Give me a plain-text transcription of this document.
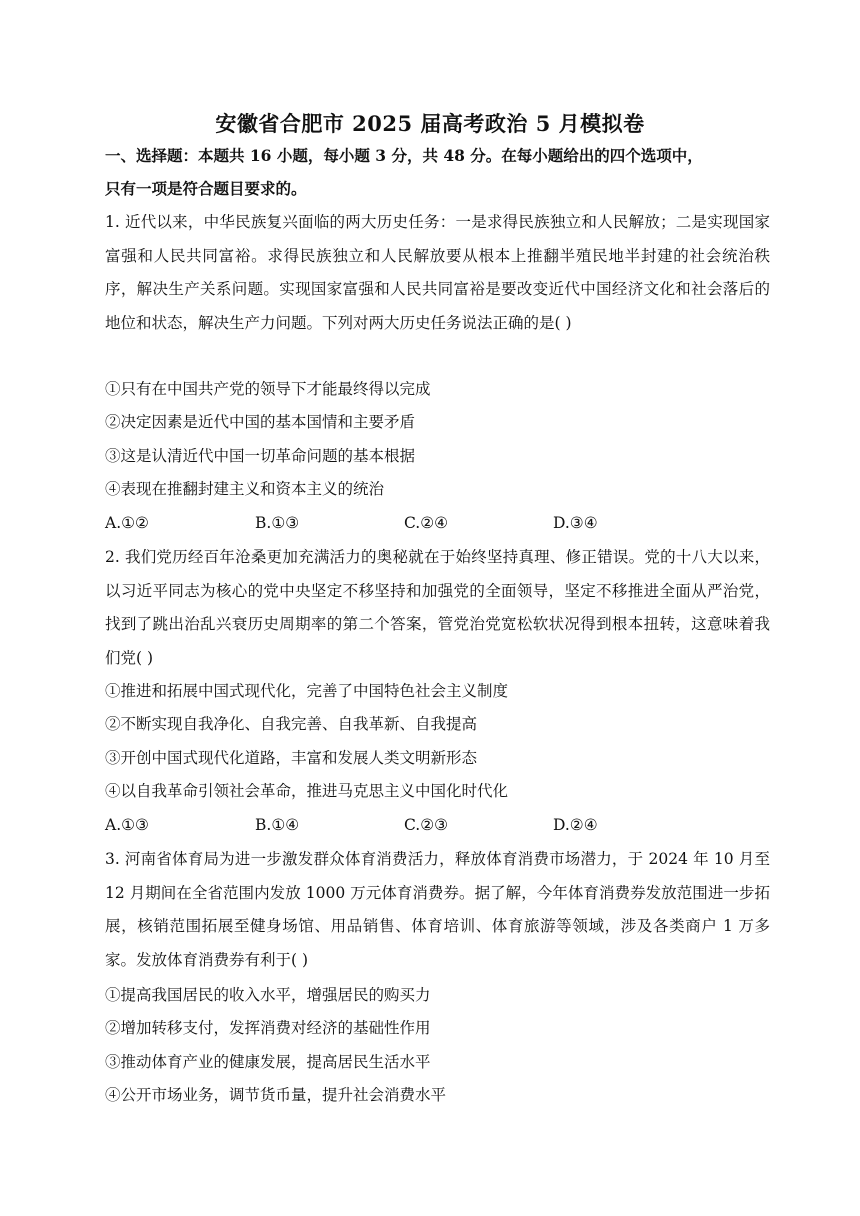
安徽省合肥市 2025 届高考政治 5 月模拟卷
一、选择题：本题共 16 小题，每小题 3 分，共 48 分。在每小题给出的四个选项中，
只有一项是符合题目要求的。
1. 近代以来，中华民族复兴面临的两大历史任务：一是求得民族独立和人民解放；二是实现国家富强和人民共同富裕。求得民族独立和人民解放要从根本上推翻半殖民地半封建的社会统治秩序，解决生产关系问题。实现国家富强和人民共同富裕是要改变近代中国经济文化和社会落后的地位和状态，解决生产力问题。下列对两大历史任务说法正确的是( )
①只有在中国共产党的领导下才能最终得以完成
②决定因素是近代中国的基本国情和主要矛盾
③这是认清近代中国一切革命问题的基本根据
④表现在推翻封建主义和资本主义的统治
A.①②	B.①③	C.②④	D.③④
2. 我们党历经百年沧桑更加充满活力的奥秘就在于始终坚持真理、修正错误。党的十八大以来，以习近平同志为核心的党中央坚定不移坚持和加强党的全面领导，坚定不移推进全面从严治党，找到了跳出治乱兴衰历史周期率的第二个答案，管党治党宽松软状况得到根本扭转，这意味着我们党( )
①推进和拓展中国式现代化，完善了中国特色社会主义制度
②不断实现自我净化、自我完善、自我革新、自我提高
③开创中国式现代化道路，丰富和发展人类文明新形态
④以自我革命引领社会革命，推进马克思主义中国化时代化
A.①③	B.①④	C.②③	D.②④
3. 河南省体育局为进一步激发群众体育消费活力，释放体育消费市场潜力，于 2024 年 10 月至 12 月期间在全省范围内发放 1000 万元体育消费券。据了解，今年体育消费券发放范围进一步拓展，核销范围拓展至健身场馆、用品销售、体育培训、体育旅游等领域，涉及各类商户 1 万多家。发放体育消费券有利于( )
①提高我国居民的收入水平，增强居民的购买力
②增加转移支付，发挥消费对经济的基础性作用
③推动体育产业的健康发展，提高居民生活水平
④公开市场业务，调节货币量，提升社会消费水平
